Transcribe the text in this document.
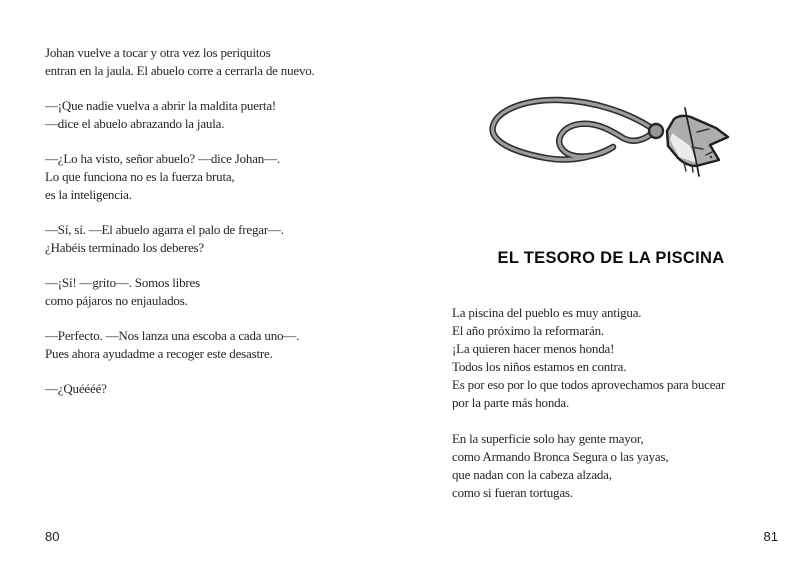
Johan vuelve a tocar y otra vez los periquitos
entran en la jaula. El abuelo corre a cerrarla de nuevo.
—¡Que nadie vuelva a abrir la maldita puerta!
—dice el abuelo abrazando la jaula.
—¿Lo ha visto, señor abuelo? —dice Johan—.
Lo que funciona no es la fuerza bruta,
es la inteligencia.
—Sí, sí. —El abuelo agarra el palo de fregar—.
¿Habéis terminado los deberes?
—¡Sí! —grito—. Somos libres
como pájaros no enjaulados.
—Perfecto. —Nos lanza una escoba a cada uno—.
Pues ahora ayudadme a recoger este desastre.
—¿Quéééé?
EL TESORO DE LA PISCINA
La piscina del pueblo es muy antigua.
El año próximo la reformarán.
¡La quieren hacer menos honda!
Todos los niños estamos en contra.
Es por eso por lo que todos aprovechamos para bucear
por la parte más honda.
En la superficie solo hay gente mayor,
como Armando Bronca Segura o las yayas,
que nadan con la cabeza alzada,
como si fueran tortugas.
80	81
